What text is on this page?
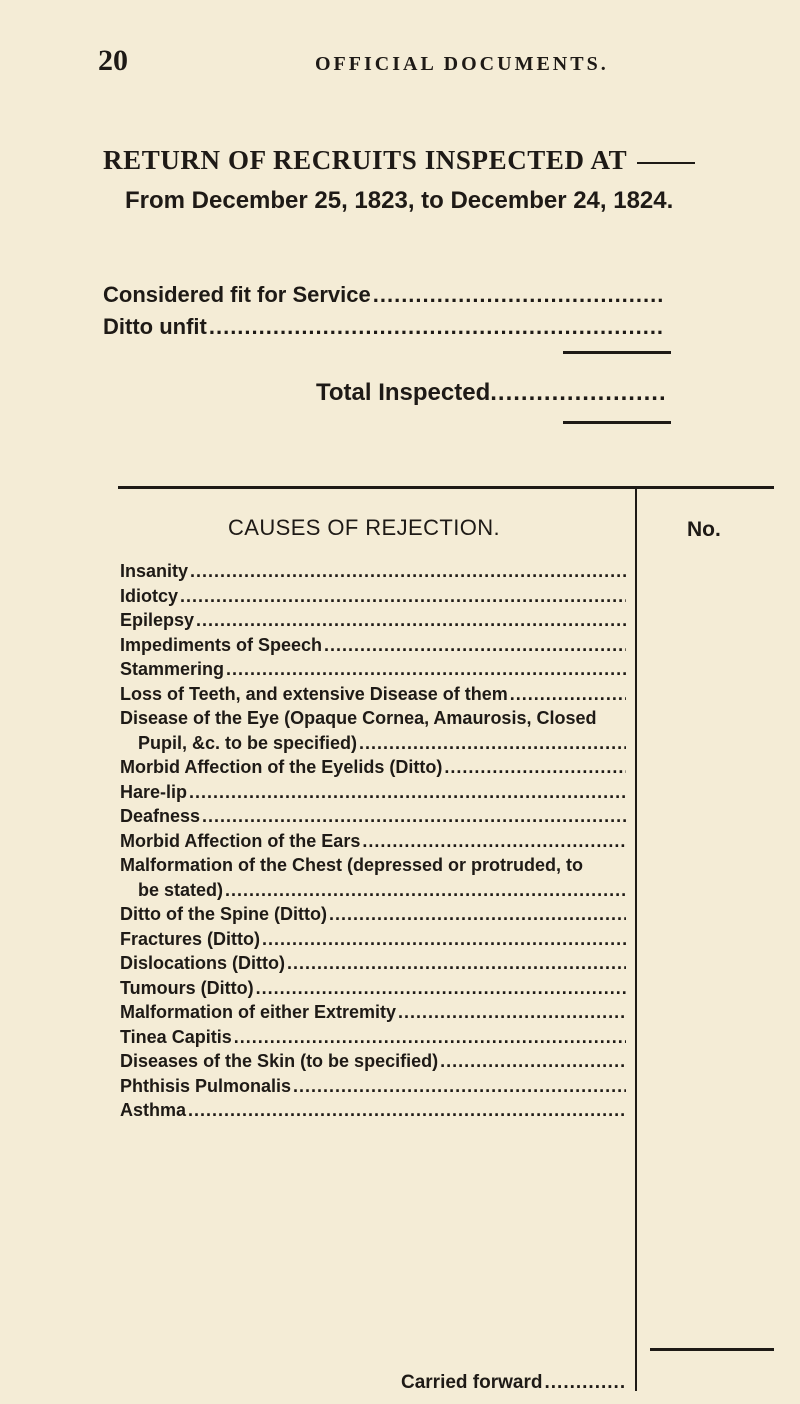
20	OFFICIAL DOCUMENTS.
RETURN OF RECRUITS INSPECTED AT
From December 25, 1823, to December 24, 1824.
Considered fit for Service
.....
Ditto unfit
.....
Total Inspected
.....
CAUSES OF REJECTION.	No.
Insanity
.....
Idiotcy
.....
Epilepsy
.....
Impediments of Speech
.....
Stammering
.....
Loss of Teeth, and extensive Disease of them
.....
Disease of the Eye (Opaque Cornea, Amaurosis, Closed
Pupil, &c. to be specified)
.....
Morbid Affection of the Eyelids (Ditto)
.....
Hare-lip
.....
Deafness
.....
Morbid Affection of the Ears
.....
Malformation of the Chest (depressed or protruded, to
be stated)
.....
Ditto of the Spine (Ditto)
.....
Fractures (Ditto)
.....
Dislocations (Ditto)
.....
Tumours (Ditto)
.....
Malformation of either Extremity
.....
Tinea Capitis
.....
Diseases of the Skin (to be specified)
.....
Phthisis Pulmonalis
.....
Asthma
.....
Carried forward
.....
